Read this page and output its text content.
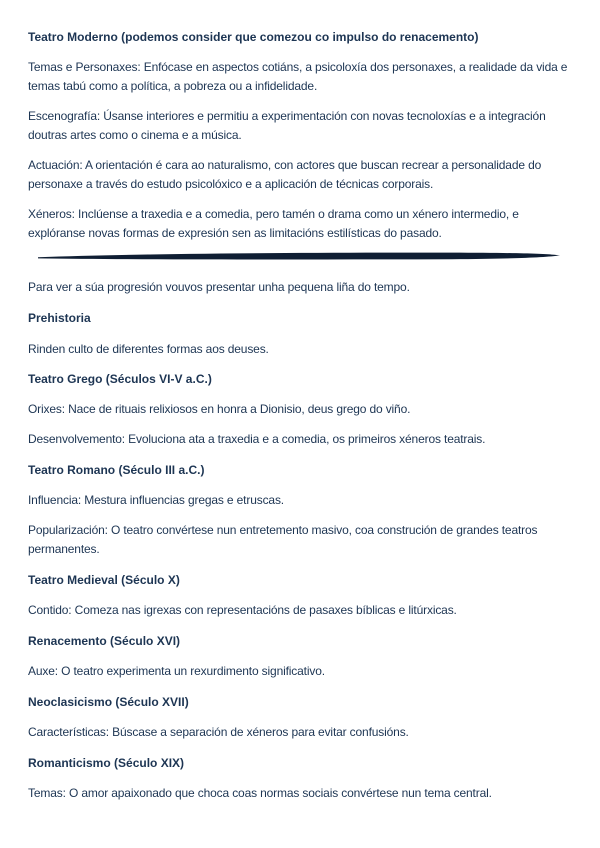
Teatro Moderno (podemos consider que comezou co impulso do renacemento)

Temas e Personaxes: Enfócase en aspectos cotiáns, a psicoloxía dos personaxes, a realidade da vida e temas tabú como a política, a pobreza ou a infidelidade.

Escenografía: Úsanse interiores e permitiu a experimentación con novas tecnoloxías e a integración doutras artes como o cinema e a música.

Actuación: A orientación é cara ao naturalismo, con actores que buscan recrear a personalidade do personaxe a través do estudo psicolóxico e a aplicación de técnicas corporais.

Xéneros: Inclúense a traxedia e a comedia, pero tamén o drama como un xénero intermedio, e explóranse novas formas de expresión sen as limitacións estilísticas do pasado.

Para ver a súa progresión vouvos presentar unha pequena liña do tempo.

Prehistoria

Rinden culto de diferentes formas aos deuses.

Teatro Grego (Séculos VI-V a.C.)

Orixes: Nace de rituais relixiosos en honra a Dionisio, deus grego do viño.

Desenvolvemento: Evoluciona ata a traxedia e a comedia, os primeiros xéneros teatrais.

Teatro Romano (Século III a.C.)

Influencia: Mestura influencias gregas e etruscas.

Popularización: O teatro convértese nun entretemento masivo, coa construción de grandes teatros permanentes.

Teatro Medieval (Século X)

Contido: Comeza nas igrexas con representacións de pasaxes bíblicas e litúrxicas.

Renacemento (Século XVI)

Auxe: O teatro experimenta un rexurdimento significativo.

Neoclasicismo (Século XVII)

Características: Búscase a separación de xéneros para evitar confusións.

Romanticismo (Século XIX)

Temas: O amor apaixonado que choca coas normas sociais convértese nun tema central.
